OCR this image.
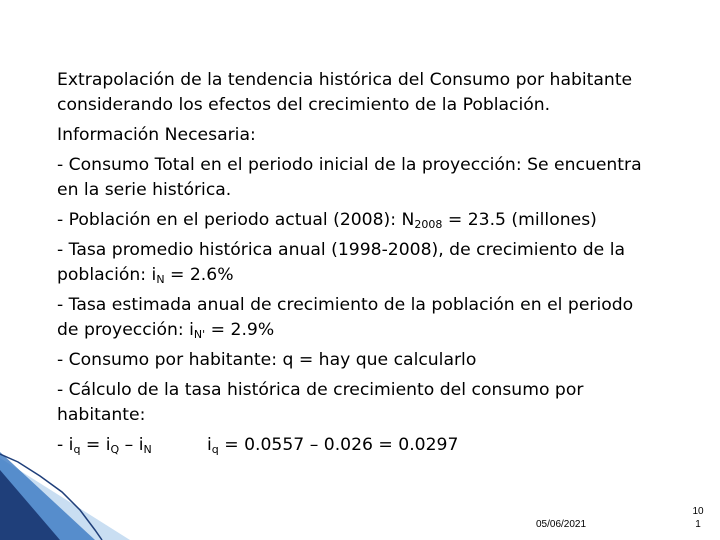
Extrapolación de la tendencia histórica del Consumo por habitante
considerando los efectos del crecimiento de la Población.

Información Necesaria:

- Consumo Total en el periodo inicial de la proyección: Se encuentra
en la serie histórica.

- Población en el periodo actual (2008): $N_{2008} = 23.5$ (millones)

- Tasa promedio histórica anual (1998-2008), de crecimiento de la
población: $i_N = 2.6\%$

- Tasa estimada anual de crecimiento de la población en el periodo
de proyección: $i_{N'} = 2.9\%$

- Consumo por habitante: q = hay que calcularlo

- Cálculo de la tasa histórica de crecimiento del consumo por
habitante:

- $i_q = i_Q - i_N$	$i_q = 0.0557 - 0.026 = 0.0297$
05/06/2021
10
1
